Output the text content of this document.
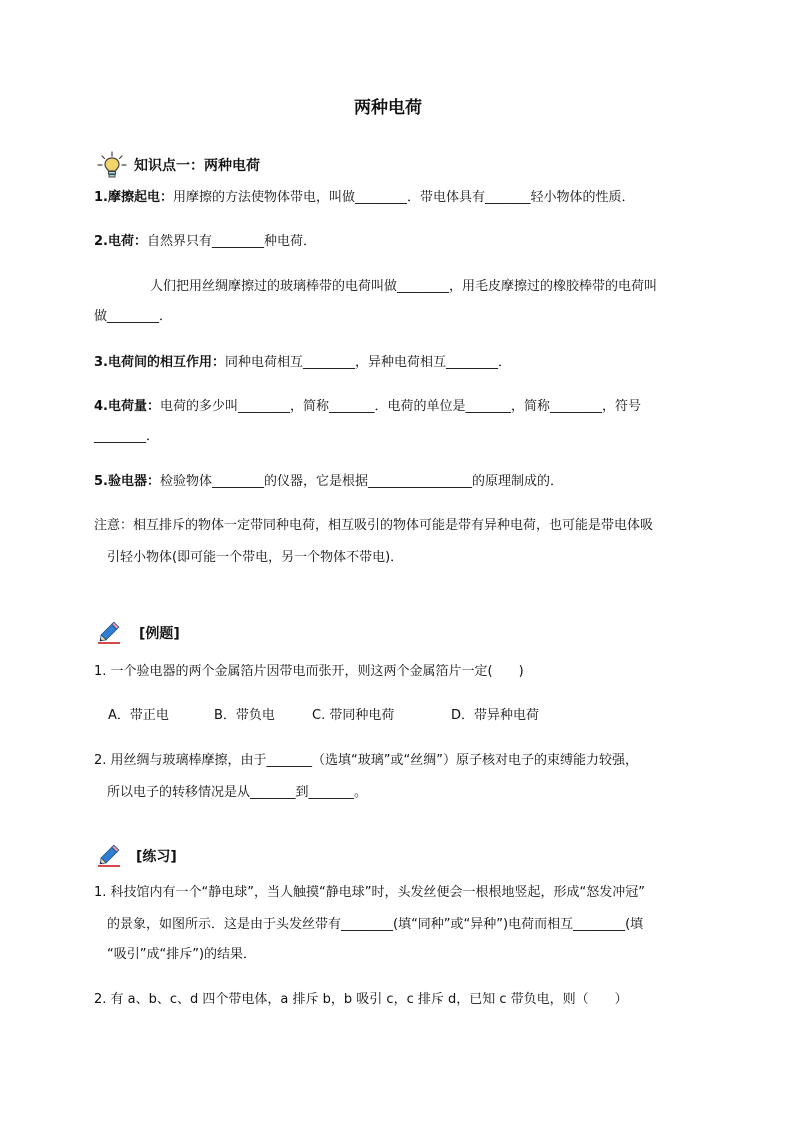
两种电荷
知识点一：两种电荷
1.摩擦起电：用摩擦的方法使物体带电，叫做________．带电体具有_______轻小物体的性质．
2.电荷：自然界只有________种电荷．
人们把用丝绸摩擦过的玻璃棒带的电荷叫做________，用毛皮摩擦过的橡胶棒带的电荷叫
做________．
3.电荷间的相互作用：同种电荷相互________，异种电荷相互________．
4.电荷量：电荷的多少叫________，简称_______．电荷的单位是_______，简称________，符号
________．
5.验电器：检验物体________的仪器，它是根据________________的原理制成的．
注意：相互排斥的物体一定带同种电荷，相互吸引的物体可能是带有异种电荷，也可能是带电体吸
引轻小物体(即可能一个带电，另一个物体不带电)．
[例题]
1. 一个验电器的两个金属箔片因带电而张开，则这两个金属箔片一定(　　)
A．带正电	B．带负电	C. 带同种电荷	D．带异种电荷
2. 用丝绸与玻璃棒摩擦，由于_______（选填“玻璃”或“丝绸”）原子核对电子的束缚能力较强，
所以电子的转移情况是从_______到_______。
[练习]
1. 科技馆内有一个“静电球”，当人触摸“静电球”时，头发丝便会一根根地竖起，形成“怒发冲冠”
的景象，如图所示．这是由于头发丝带有________(填“同种”或“异种”)电荷而相互________(填
“吸引”成“排斥”)的结果．
2. 有 a、b、c、d 四个带电体，a 排斥 b，b 吸引 c，c 排斥 d，已知 c 带负电，则（　　）
